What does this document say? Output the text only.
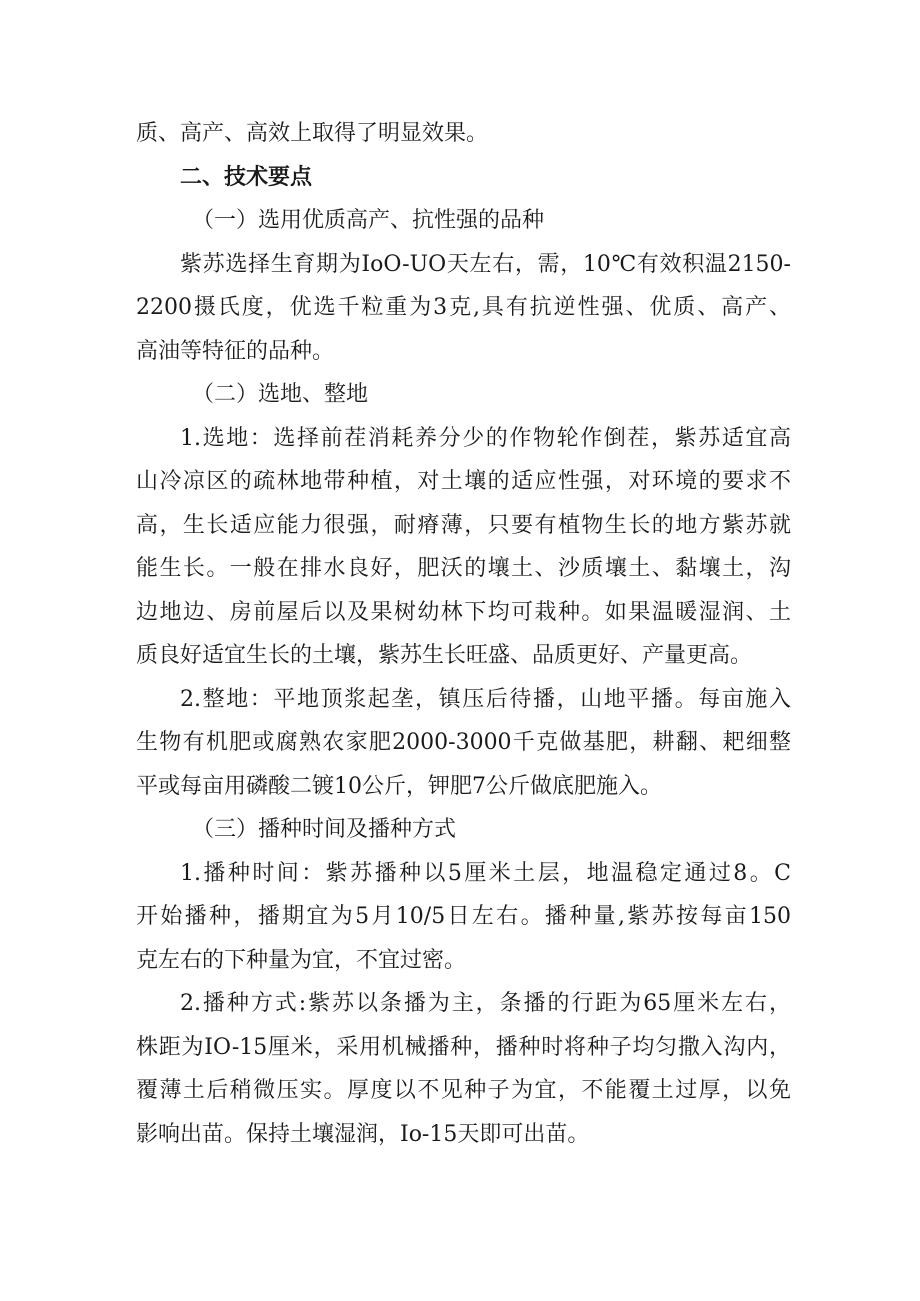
质、高产、高效上取得了明显效果。

二、技术要点

（一）选用优质高产、抗性强的品种

紫苏选择生育期为IoO-UO天左右，需，10℃有效积温2150-

2200摄氏度，优选千粒重为3克,具有抗逆性强、优质、高产、

高油等特征的品种。

（二）选地、整地

1.选地：选择前茬消耗养分少的作物轮作倒茬，紫苏适宜高

山冷凉区的疏林地带种植，对土壤的适应性强，对环境的要求不

高，生长适应能力很强，耐瘠薄，只要有植物生长的地方紫苏就

能生长。一般在排水良好，肥沃的壤土、沙质壤土、黏壤土，沟

边地边、房前屋后以及果树幼林下均可栽种。如果温暖湿润、土

质良好适宜生长的土壤，紫苏生长旺盛、品质更好、产量更高。

2.整地：平地顶浆起垄，镇压后待播，山地平播。每亩施入

生物有机肥或腐熟农家肥2000-3000千克做基肥，耕翻、耙细整

平或每亩用磷酸二镀10公斤，钾肥7公斤做底肥施入。

（三）播种时间及播种方式

1.播种时间：紫苏播种以5厘米土层，地温稳定通过8。C

开始播种，播期宜为5月10/5日左右。播种量,紫苏按每亩150

克左右的下种量为宜，不宜过密。

2.播种方式:紫苏以条播为主，条播的行距为65厘米左右，

株距为IO-15厘米，采用机械播种，播种时将种子均匀撒入沟内，

覆薄土后稍微压实。厚度以不见种子为宜，不能覆土过厚，以免

影响出苗。保持土壤湿润，Io-15天即可出苗。
